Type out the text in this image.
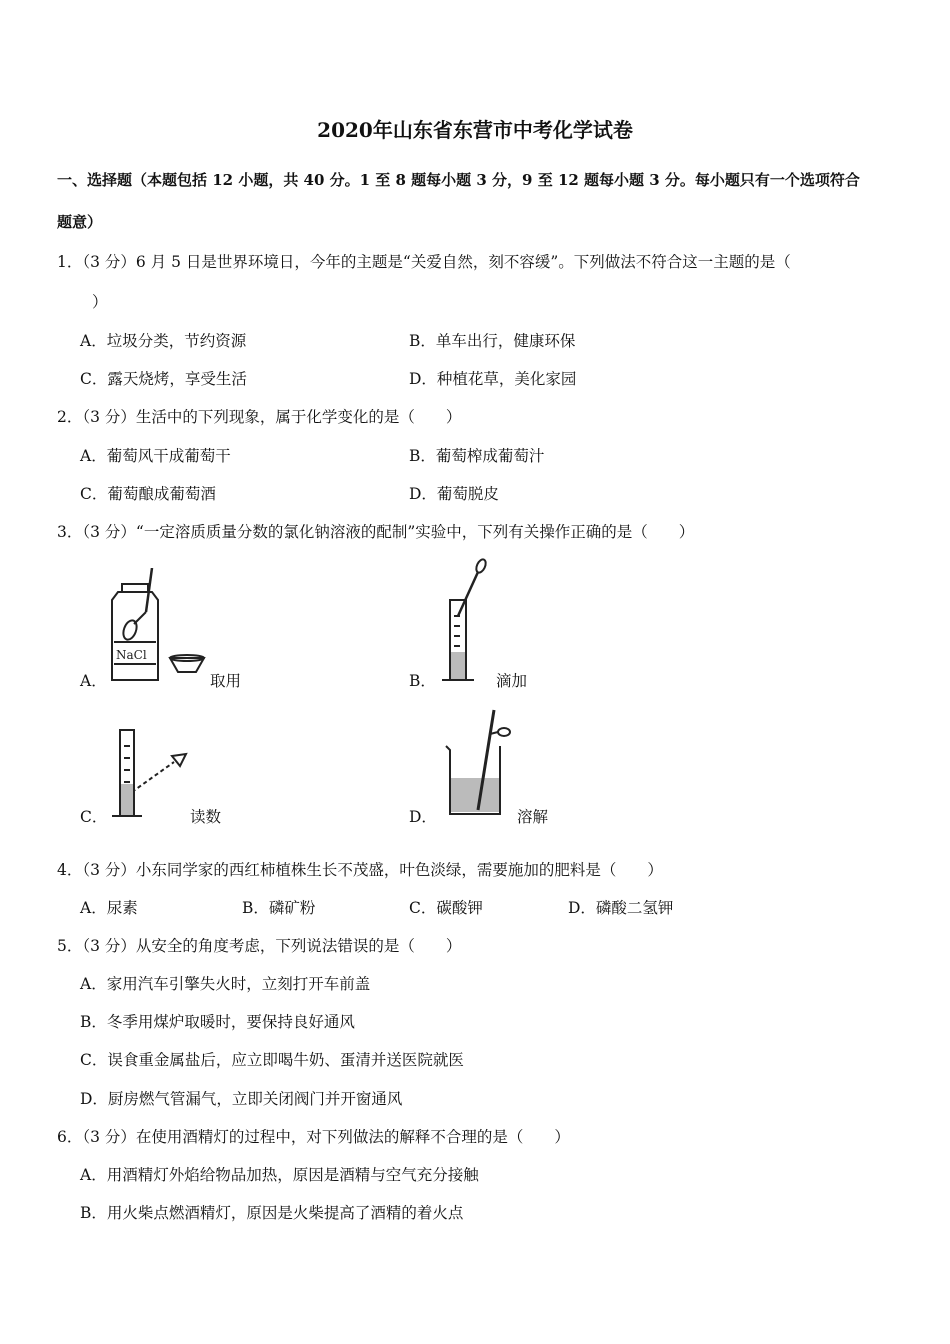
2020年山东省东营市中考化学试卷
一、选择题（本题包括 12 小题，共 40 分。1 至 8 题每小题 3 分，9 至 12 题每小题 3 分。每小题只有一个选项符合
题意）
1．（3 分）6 月 5 日是世界环境日，今年的主题是“关爱自然，刻不容缓”。下列做法不符合这一主题的是（
）
A．垃圾分类，节约资源	B．单车出行，健康环保
C．露天烧烤，享受生活	D．种植花草，美化家园
2．（3 分）生活中的下列现象，属于化学变化的是（　　）
A．葡萄风干成葡萄干	B．葡萄榨成葡萄汁
C．葡萄酿成葡萄酒	D．葡萄脱皮
3．（3 分）“一定溶质质量分数的氯化钠溶液的配制”实验中，下列有关操作正确的是（　　）
A．
NaCl
取用	B．	滴加
C．	读数	D．	溶解
4．（3 分）小东同学家的西红柿植株生长不茂盛，叶色淡绿，需要施加的肥料是（　　）
A．尿素	B．磷矿粉	C．碳酸钾	D．磷酸二氢钾
5．（3 分）从安全的角度考虑，下列说法错误的是（　　）
A．家用汽车引擎失火时，立刻打开车前盖
B．冬季用煤炉取暖时，要保持良好通风
C．误食重金属盐后，应立即喝牛奶、蛋清并送医院就医
D．厨房燃气管漏气，立即关闭阀门并开窗通风
6．（3 分）在使用酒精灯的过程中，对下列做法的解释不合理的是（　　）
A．用酒精灯外焰给物品加热，原因是酒精与空气充分接触
B．用火柴点燃酒精灯，原因是火柴提高了酒精的着火点
